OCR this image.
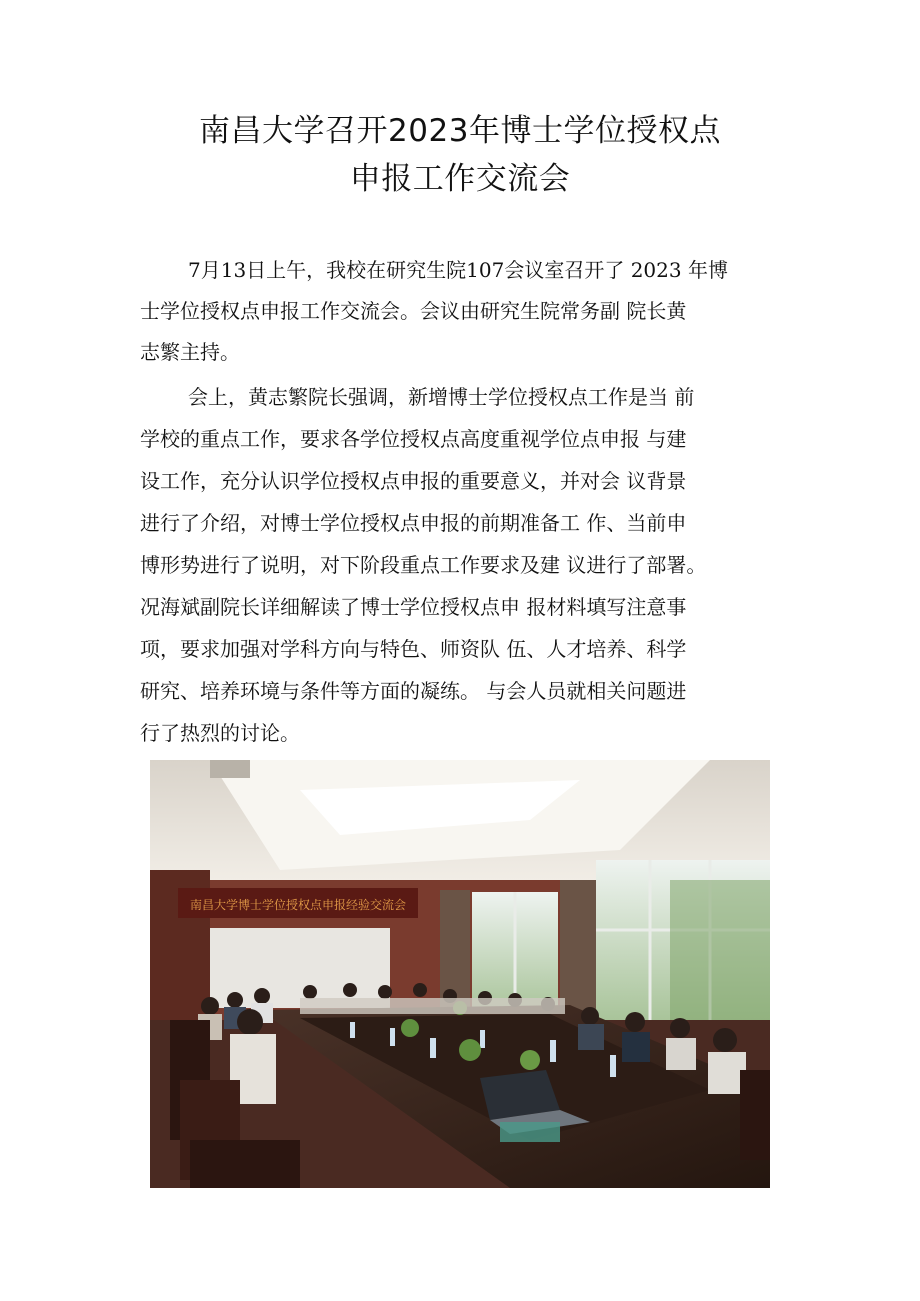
南昌大学召开2023年博士学位授权点
申报工作交流会
7月13日上午，我校在研究生院107会议室召开了 2023 年博
士学位授权点申报工作交流会。会议由研究生院常务副 院长黄
志繁主持。
会上，黄志繁院长强调，新增博士学位授权点工作是当 前
学校的重点工作，要求各学位授权点高度重视学位点申报 与建
设工作，充分认识学位授权点申报的重要意义，并对会 议背景
进行了介绍，对博士学位授权点申报的前期准备工 作、当前申
博形势进行了说明，对下阶段重点工作要求及建 议进行了部署。
况海斌副院长详细解读了博士学位授权点申 报材料填写注意事
项，要求加强对学科方向与特色、师资队 伍、人才培养、科学
研究、培养环境与条件等方面的凝练。 与会人员就相关问题进
行了热烈的讨论。
南昌大学博士学位授权点申报经验交流会
